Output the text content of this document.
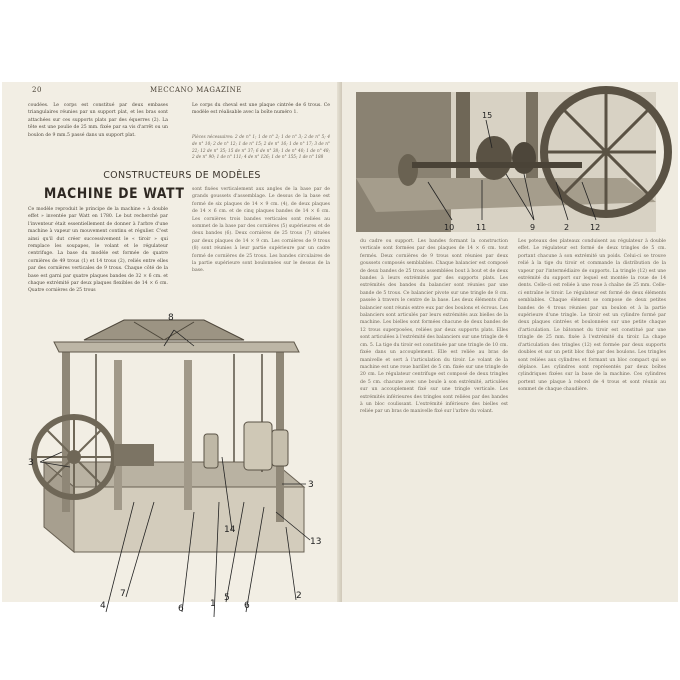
20	MECCANO MAGAZINE

coudées. Le corps est constitué par deux embases triangulaires réunies par un support plat, et les bras sont attachées sur ces supports plats par des équerres (2). La tête est une poulie de 25 mm. fixée par sa vis d'arrêt ou un boulon de 9 mm.5 passé dans un support plat.

Le corps du cheval est une plaque cintrée de 6 trous. Ce modèle est réalisable avec la boîte numéro 1.

Pièces nécessaires: 2 de n° 1; 1 de n° 2; 1 de n° 3; 2 de n° 5; 4 de n° 10; 2 de n° 12; 1 de n° 15; 2 de n° 16; 1 de n° 17; 3 de n° 22; 12 de n° 35; 15 de n° 37; 6 de n° 38; 1 de n° 40; 1 de n° 48; 2 de n° 90; 1 de n° 111; 4 de n° 126; 1 de n° 155; 1 de n° 188

CONSTRUCTEURS DE MODÈLES
MACHINE DE WATT

Ce modèle reproduit le principe de la machine « à double effet » inventée par Watt en 1780. Le but recherché par l'inventeur était essentiellement de donner à l'arbre d'une machine à vapeur un mouvement continu et régulier. C'est ainsi qu'il dut créer successivement le « tiroir » qui remplace les soupapes, le volant et le régulateur centrifuge. La base du modèle est formée de quatre cornières de 49 trous (1) et 14 trous (2), reliés entre elles par des cornières verticales de 9 trous. Chaque côté de la base est garni par quatre plaques bandes de 32 × 6 cm. et chaque extrémité par deux plaques flexibles de 14 × 6 cm. Quatre cornières de 25 trous

sont fixées verticalement aux angles de la base par de grands goussets d'assemblage. Le dessus de la base est formé de six plaques de 14 × 9 cm. (4), de deux plaques de 14 × 6 cm. et de cinq plaques bandes de 14 × 6 cm. Les cornières trois bandes verticales sont reliées au sommet de la base par des cornières (5) supérieures et de deux bandes (6). Deux cornières de 25 trous (7) situées par deux plaques de 14 × 9 cm. Les cornières de 9 trous (8) sont réunies à leur partie supérieure par un cadre formé de cornières de 25 trous. Les bandes circulaires de la partie supérieure sont boulonnées sur le dessus de la base.

8
3
3
14
13
4
7
6	1
5
6
2
15
10	11	9	2	12

du cadre ou support. Les bandes formant la construction verticale sont formées par des plaques de 14 × 6 cm. tout fermés. Deux cornières de 9 trous sont réunies par deux goussets composés semblables. Chaque balancier est composé de deux bandes de 25 trous assemblées bout à bout et de deux bandes à leurs extrémités par des supports plats. Les extrémités des bandes du balancier sont réunies par une bande de 5 trous. Ce balancier pivote sur une tringle de 8 cm. passée à travers le centre de la base. Les deux éléments d'un balancier sont réunis entre eux par des boulons et écrous. Les balanciers sont articulés par leurs extrémités aux bielles de la machine. Les bielles sont formées chacune de deux bandes de 12 trous superposées, reliées par deux supports plats. Elles sont articulées à l'extrémité des balanciers sur une tringle de 4 cm. 5. La tige du tiroir est constituée par une tringle de 10 cm. fixée dans un accouplement. Elle est reliée au bras de manivelle et sert à l'articulation du tiroir. Le volant de la machine est une roue barillet de 5 cm. fixée sur une tringle de 20 cm. Le régulateur centrifuge est composé de deux tringles de 5 cm. chacune avec une boule à son extrémité, articulées sur un accouplement fixé sur une tringle verticale. Les extrémités inférieures des tringles sont reliées par des bandes à un bloc coulissant. L'extrémité inférieure des bielles est reliée par un bras de manivelle fixé sur l'arbre du volant.

Les poteaux des plateaux conduisent au régulateur à double effet. Le régulateur est formé de deux tringles de 5 cm. portant chacune à son extrémité un poids. Celui-ci se trouve relié à la tige du tiroir et commande la distribution de la vapeur par l'intermédiaire de supports. La tringle (12) est une extrémité du support sur lequel est montée la roue de 14 dents. Celle-ci est reliée à une roue à chaîne de 25 mm. Celle-ci entraîne le tiroir. Le régulateur est formé de deux éléments semblables. Chaque élément se compose de deux petites bandes de 4 trous réunies par un boulon et à la partie supérieure d'une tringle. Le tiroir est un cylindre formé par deux plaques cintrées et boulonnées sur une petite chaque d'articulation. Le bâtonnet du tiroir est constitué par une tringle de 25 mm. fixée à l'extrémité du tiroir. La chape d'articulation des tringles (12) est formée par deux supports doubles et sur un petit bloc fixé par des boulons. Les tringles sont reliées aux cylindres et formant un bloc compact qui se déplace. Les cylindres sont représentés par deux boîtes cylindriques fixées sur la base de la machine. Ces cylindres portent une plaque à rebord de 4 trous et sont réunis au sommet de chaque chaudière.
